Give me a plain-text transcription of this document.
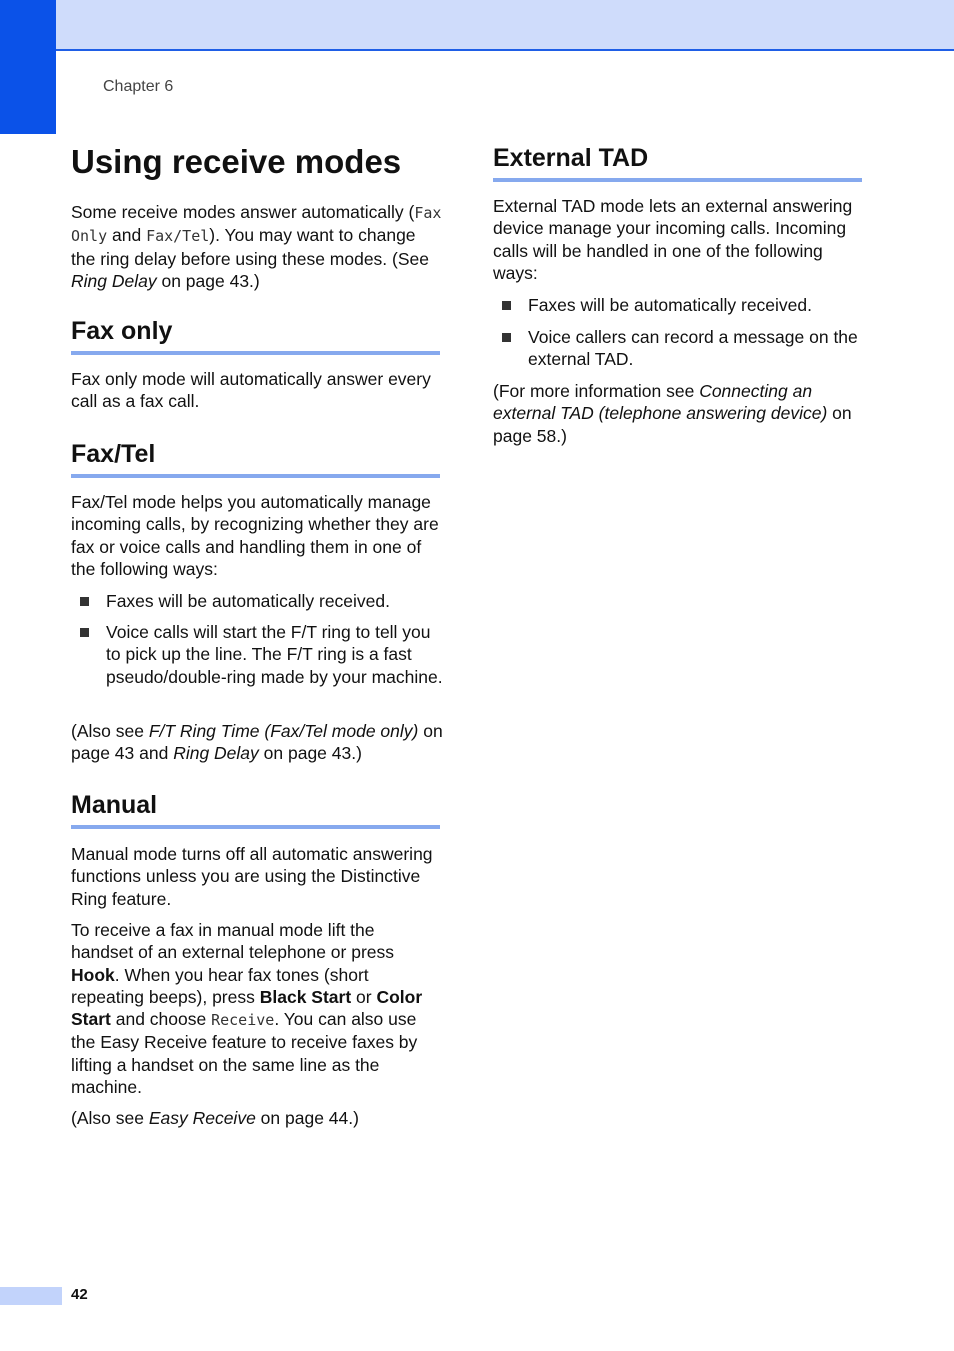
Chapter 6
Using receive modes

Some receive modes answer automatically (Fax Only and Fax/Tel). You may want to change the ring delay before using these modes. (See Ring Delay on page 43.)

Fax only

Fax only mode will automatically answer every call as a fax call.

Fax/Tel

Fax/Tel mode helps you automatically manage incoming calls, by recognizing whether they are fax or voice calls and handling them in one of the following ways:

Faxes will be automatically received.
Voice calls will start the F/T ring to tell you to pick up the line. The F/T ring is a fast pseudo/double-ring made by your machine.

(Also see F/T Ring Time (Fax/Tel mode only) on page 43 and Ring Delay on page 43.)

Manual

Manual mode turns off all automatic answering functions unless you are using the Distinctive Ring feature.

To receive a fax in manual mode lift the handset of an external telephone or press Hook. When you hear fax tones (short repeating beeps), press Black Start or Color Start and choose Receive. You can also use the Easy Receive feature to receive faxes by lifting a handset on the same line as the machine.

(Also see Easy Receive on page 44.)

External TAD

External TAD mode lets an external answering device manage your incoming calls. Incoming calls will be handled in one of the following ways:

Faxes will be automatically received.
Voice callers can record a message on the external TAD.

(For more information see Connecting an external TAD (telephone answering device) on page 58.)

42
